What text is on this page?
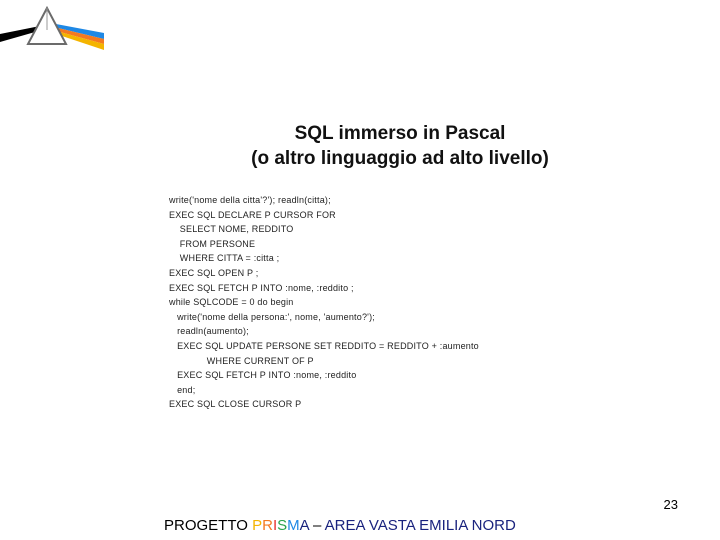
SQL immerso in Pascal
(o altro linguaggio ad alto livello)
write('nome della citta'?'); readln(citta);
EXEC SQL DECLARE P CURSOR FOR
SELECT NOME, REDDITO
FROM PERSONE
WHERE CITTA = :citta ;
EXEC SQL OPEN P ;
EXEC SQL FETCH P INTO :nome, :reddito ;
while SQLCODE = 0 do begin
write('nome della persona:', nome, 'aumento?');
readln(aumento);
EXEC SQL UPDATE PERSONE SET REDDITO = REDDITO + :aumento
WHERE CURRENT OF P
EXEC SQL FETCH P INTO :nome, :reddito
end;
EXEC SQL CLOSE CURSOR P
23
PROGETTO PRISMA – AREA VASTA EMILIA NORD
